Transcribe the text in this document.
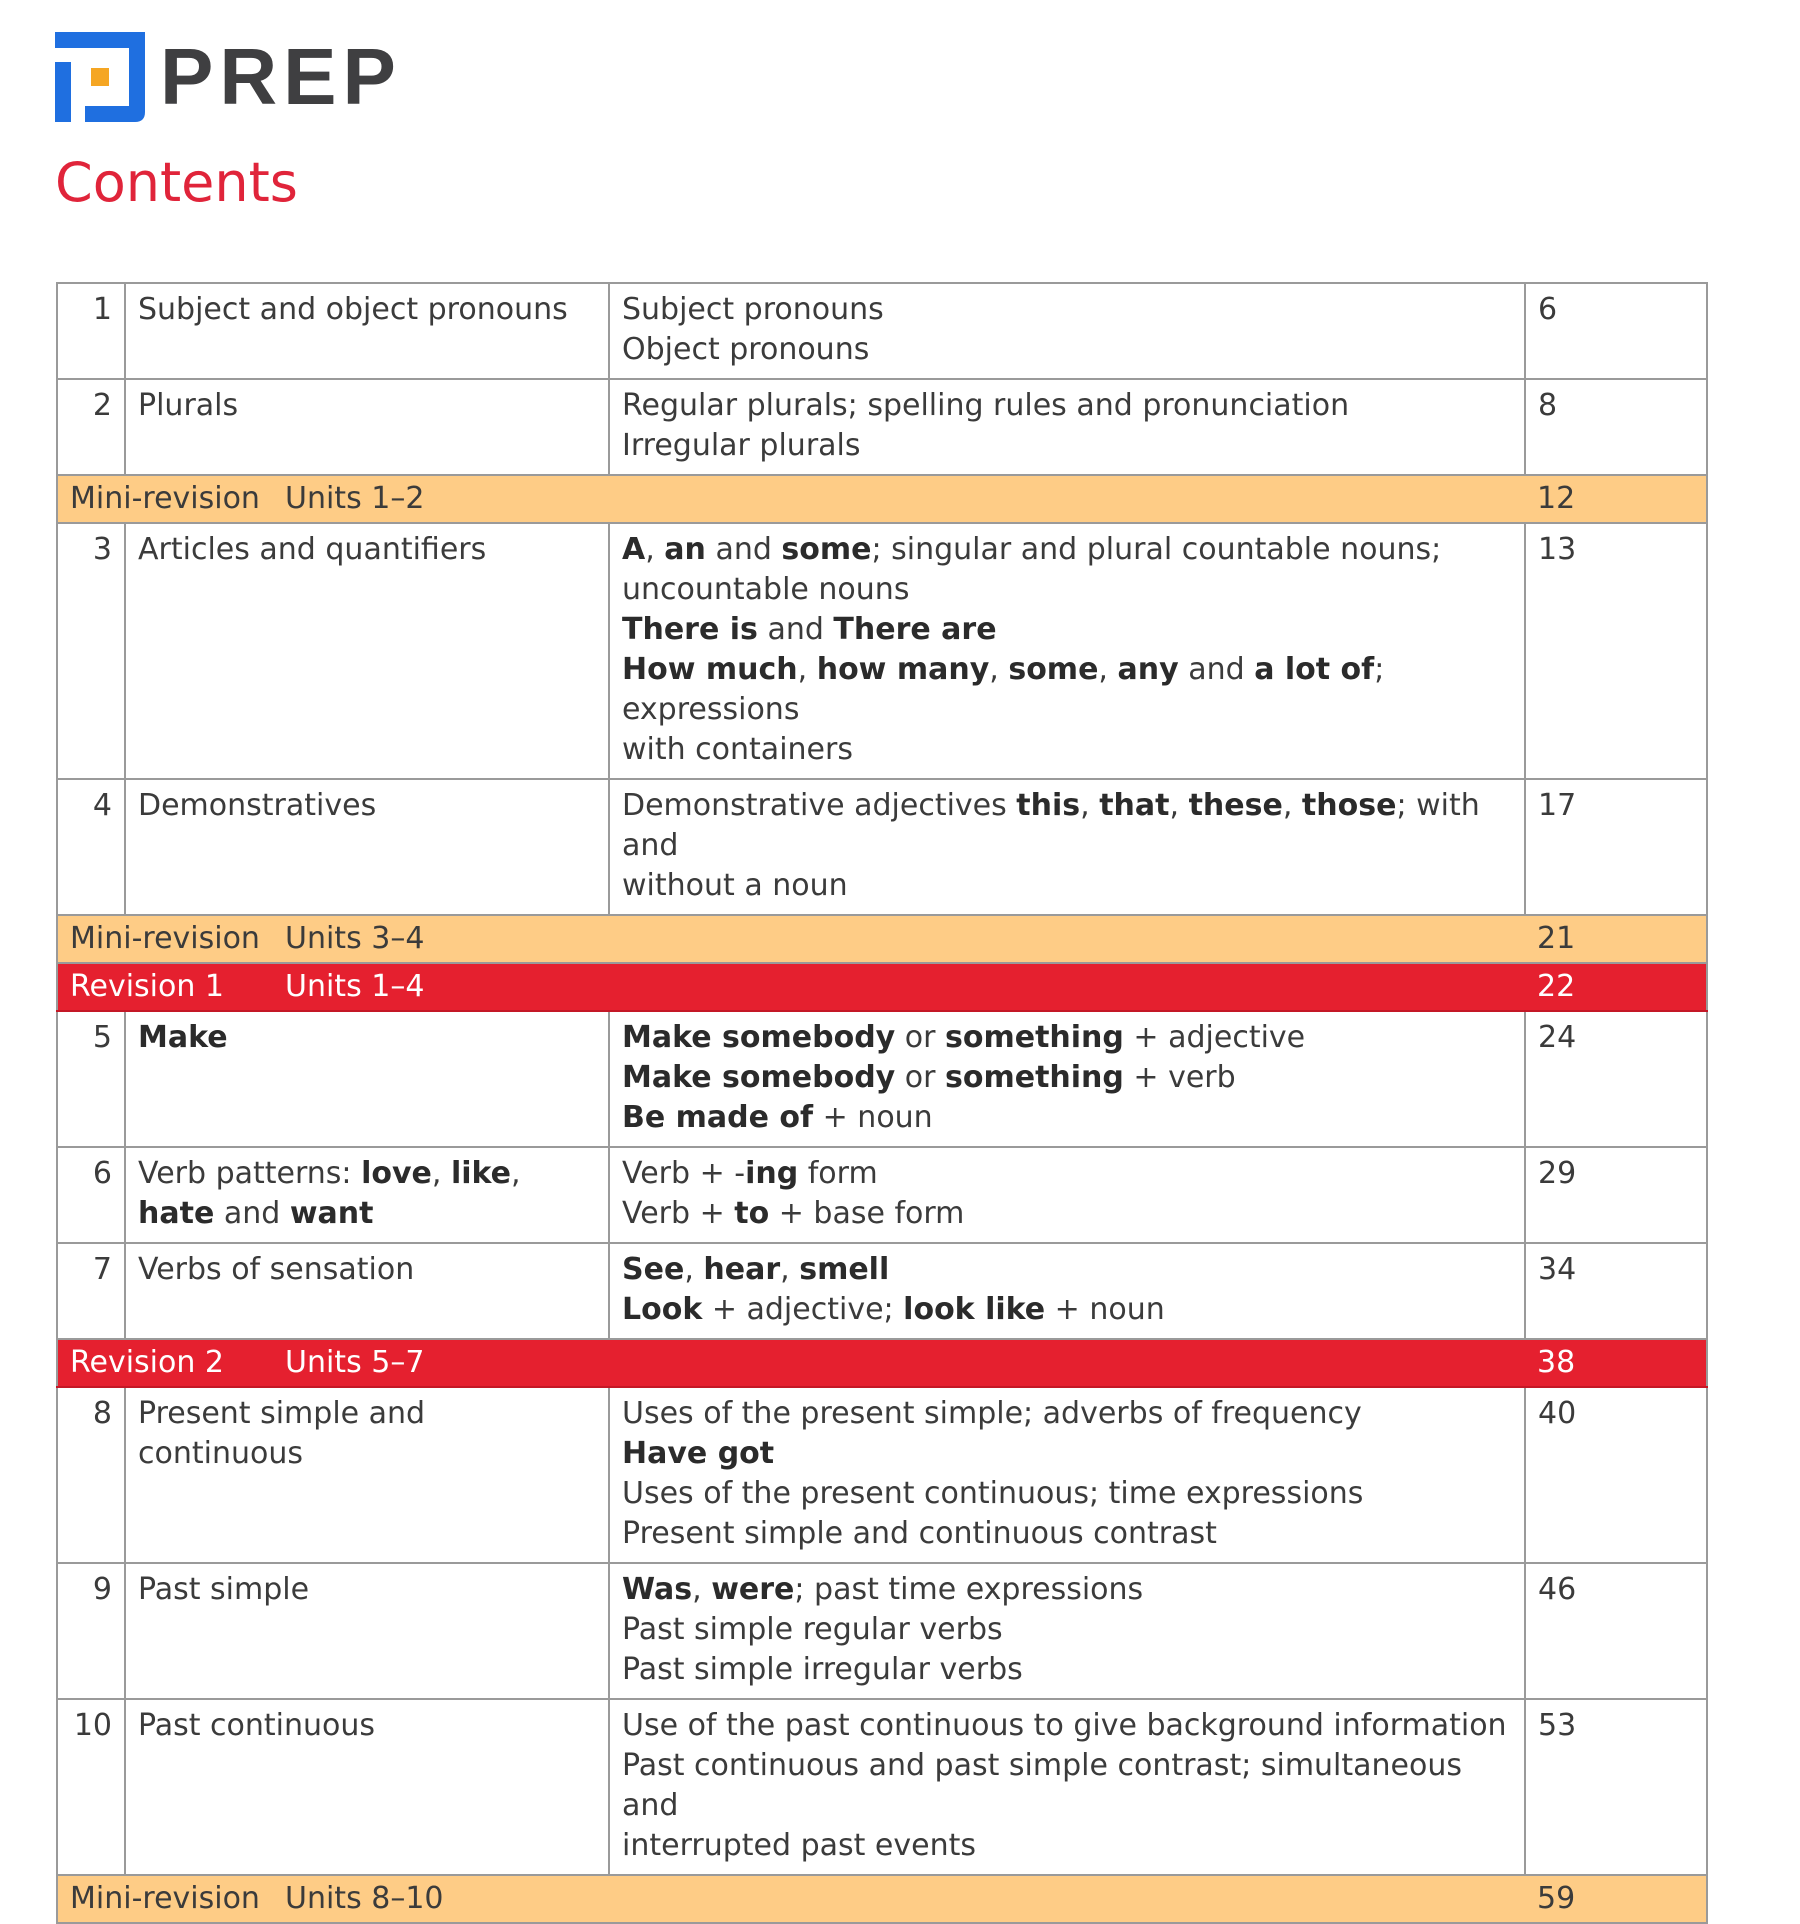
PREP
Contents
1	Subject and object pronouns	Subject pronouns
Object pronouns	6
2	Plurals	Regular plurals; spelling rules and pronunciation
Irregular plurals	8
Mini-revision Units 1–2			12
3	Articles and quantifiers	A, an and some; singular and plural countable nouns;
uncountable nouns
There is and There are
How much, how many, some, any and a lot of; expressions
with containers	13
4	Demonstratives	Demonstrative adjectives this, that, these, those; with and
without a noun	17
Mini-revision Units 3–4			21
Revision 1 Units 1–4			22
5	Make	Make somebody or something + adjective
Make somebody or something + verb
Be made of + noun	24
6	Verb patterns: love, like, hate and want	Verb + -ing form
Verb + to + base form	29
7	Verbs of sensation	See, hear, smell
Look + adjective; look like + noun	34
Revision 2 Units 5–7			38
8	Present simple and continuous	Uses of the present simple; adverbs of frequency
Have got
Uses of the present continuous; time expressions
Present simple and continuous contrast	40
9	Past simple	Was, were; past time expressions
Past simple regular verbs
Past simple irregular verbs	46
10	Past continuous	Use of the past continuous to give background information
Past continuous and past simple contrast; simultaneous and
interrupted past events	53
Mini-revision Units 8–10			59
